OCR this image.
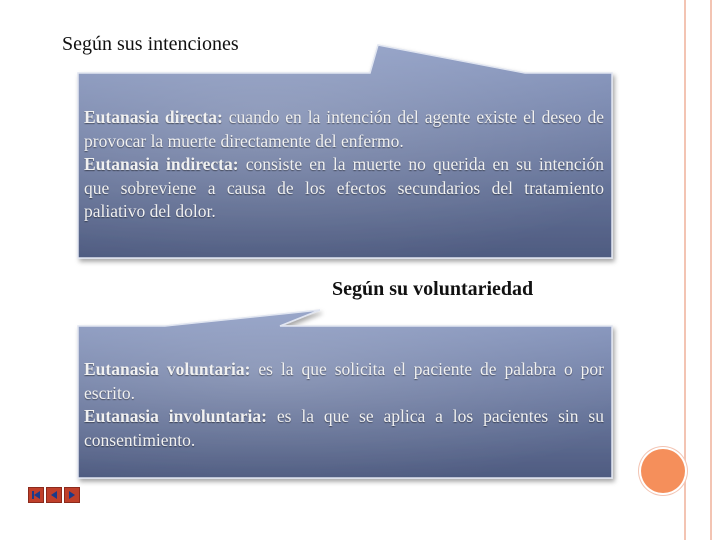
Según sus intenciones

Eutanasia directa: cuando en la intención del agente existe el deseo de provocar la muerte directamente del enfermo.

Eutanasia indirecta: consiste en la muerte no querida en su intención que sobreviene a causa de los efectos secundarios del tratamiento paliativo del dolor.

Según su voluntariedad

Eutanasia voluntaria: es la que solicita el paciente de palabra o por escrito.

Eutanasia involuntaria: es la que se aplica a los pacientes sin su consentimiento.
